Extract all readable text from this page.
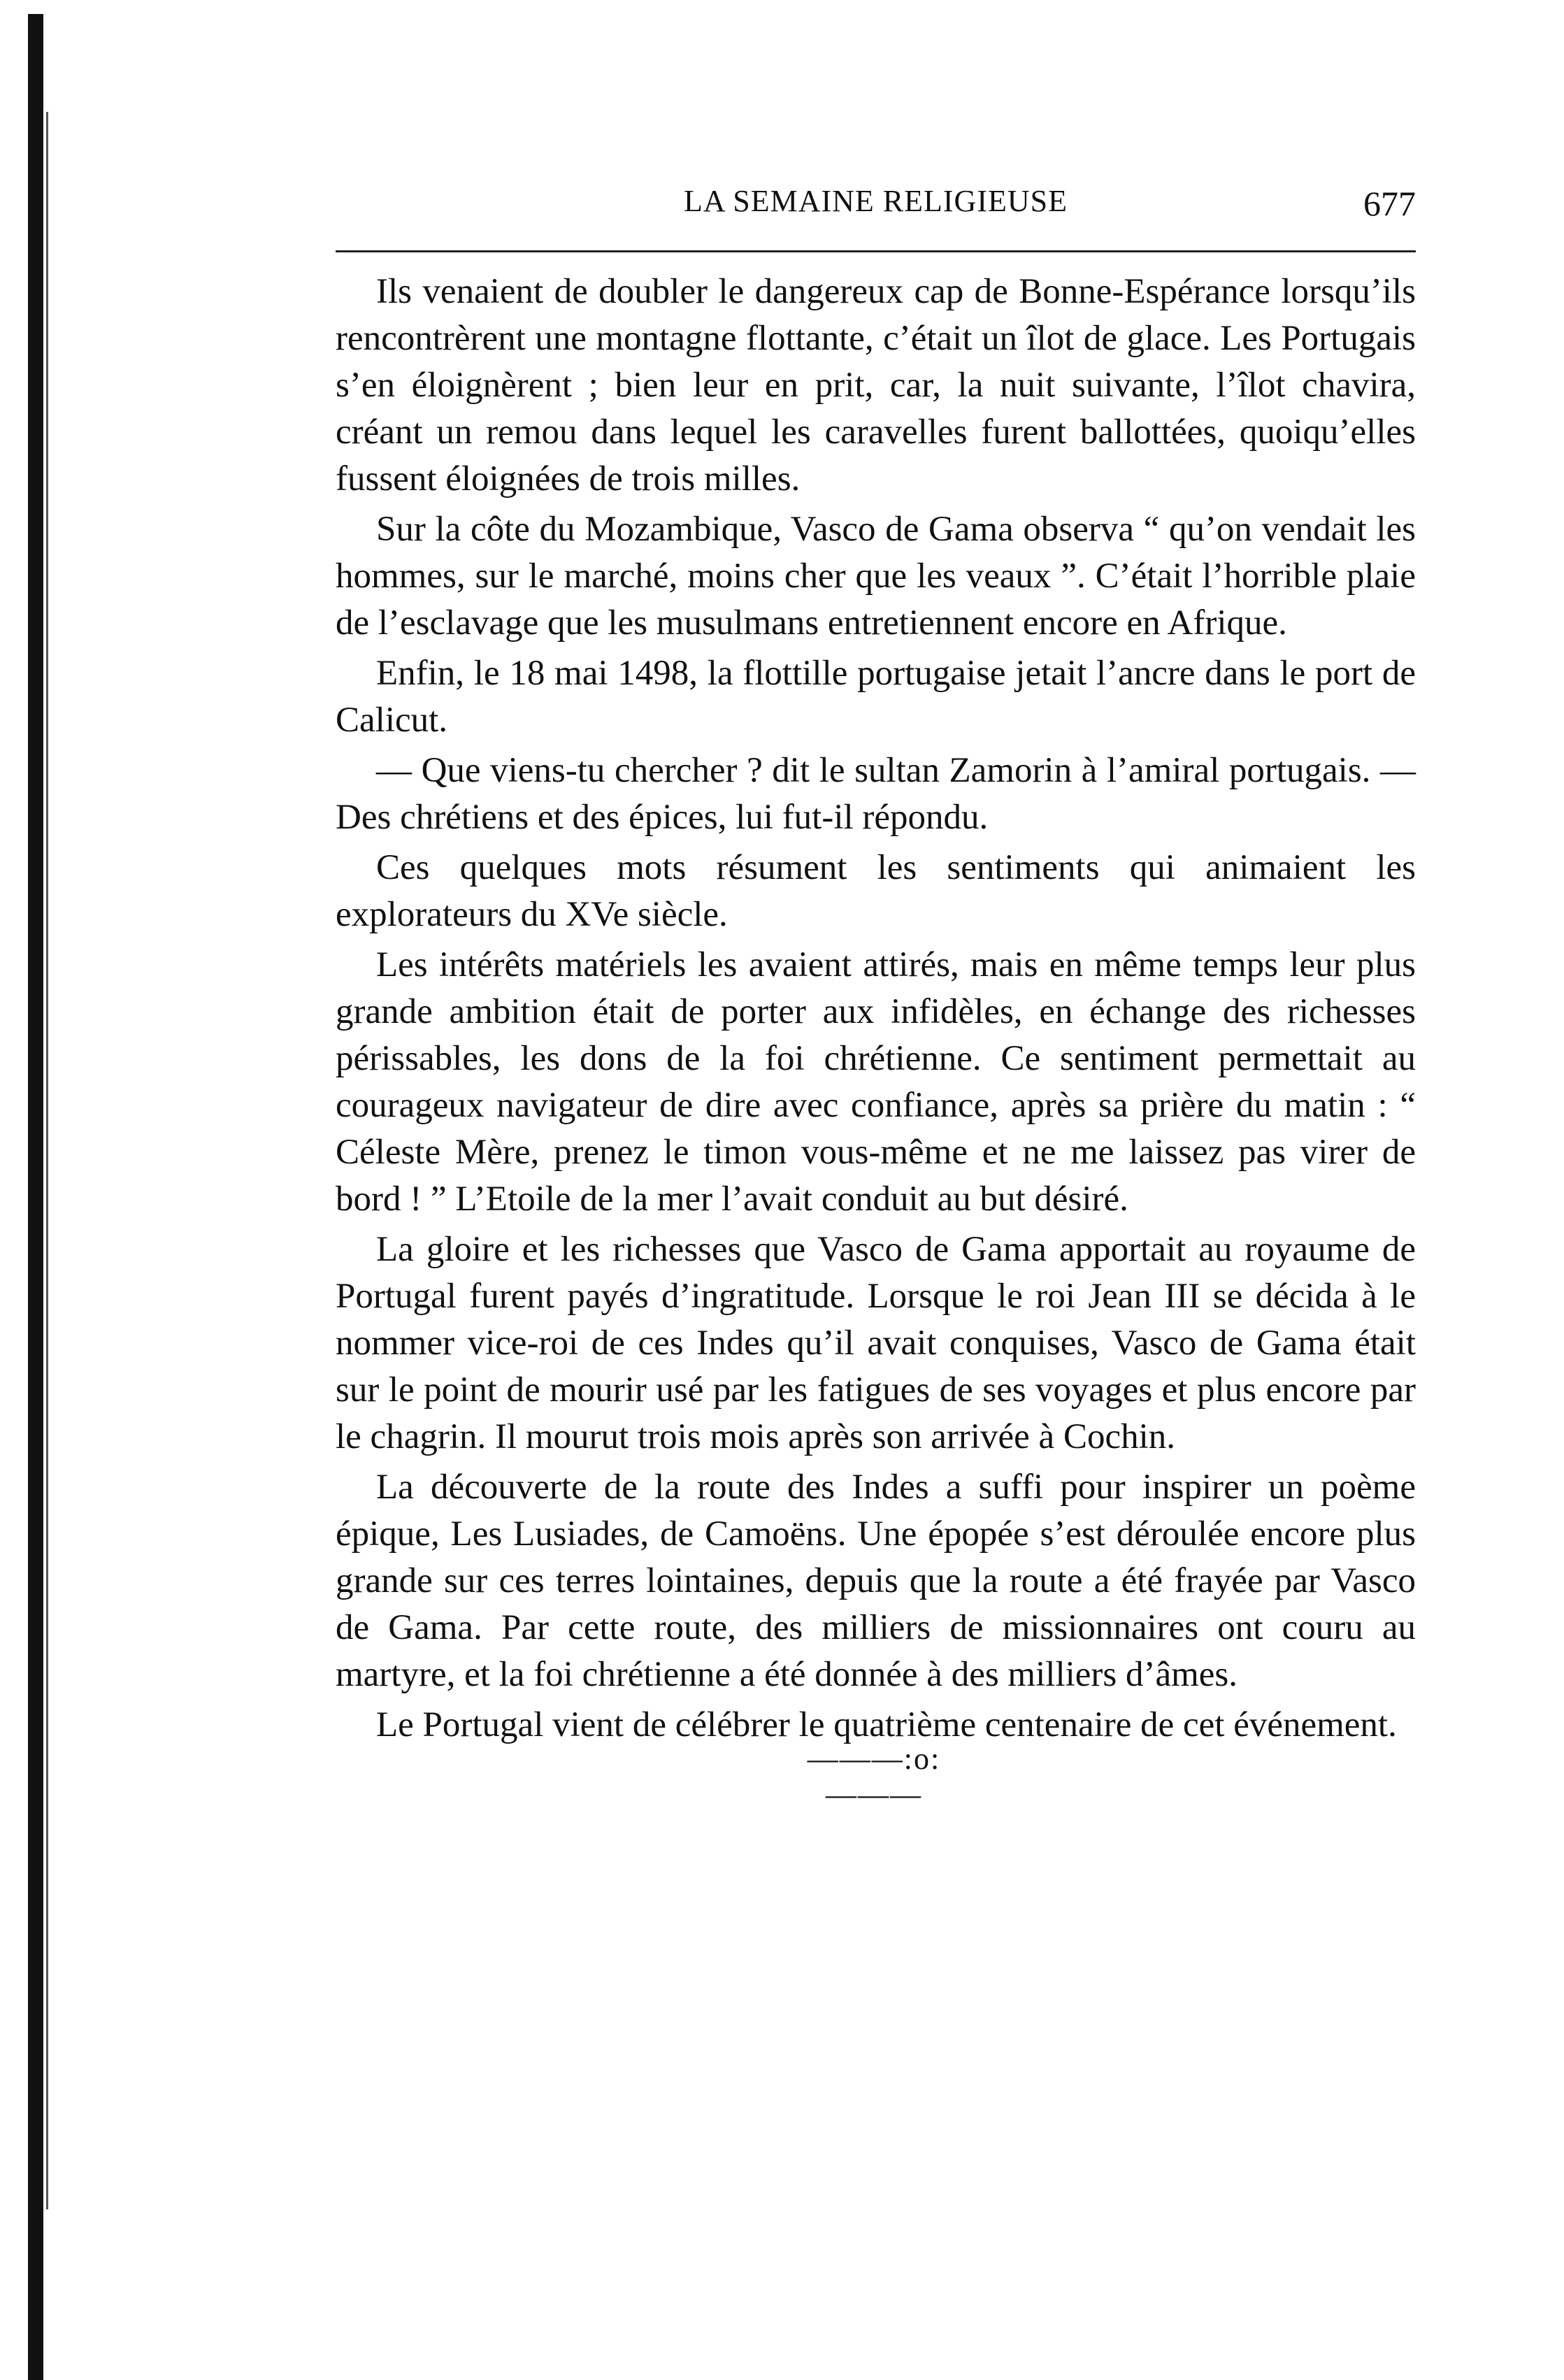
LA SEMAINE RELIGIEUSE	677

Ils venaient de doubler le dangereux cap de Bonne-Espérance lorsqu’ils rencontrèrent une montagne flottante, c’était un îlot de glace. Les Portugais s’en éloignèrent ; bien leur en prit, car, la nuit suivante, l’îlot chavira, créant un remou dans lequel les caravelles furent ballottées, quoiqu’elles fussent éloignées de trois milles.

Sur la côte du Mozambique, Vasco de Gama observa “ qu’on vendait les hommes, sur le marché, moins cher que les veaux ”. C’était l’horrible plaie de l’esclavage que les musulmans entretiennent encore en Afrique.

Enfin, le 18 mai 1498, la flottille portugaise jetait l’ancre dans le port de Calicut.

— Que viens-tu chercher ? dit le sultan Zamorin à l’amiral portugais. — Des chrétiens et des épices, lui fut-il répondu.

Ces quelques mots résument les sentiments qui animaient les explorateurs du XVe siècle.

Les intérêts matériels les avaient attirés, mais en même temps leur plus grande ambition était de porter aux infidèles, en échange des richesses périssables, les dons de la foi chrétienne. Ce sentiment permettait au courageux navigateur de dire avec confiance, après sa prière du matin : “ Céleste Mère, prenez le timon vous-même et ne me laissez pas virer de bord ! ” L’Etoile de la mer l’avait conduit au but désiré.

La gloire et les richesses que Vasco de Gama apportait au royaume de Portugal furent payés d’ingratitude. Lorsque le roi Jean III se décida à le nommer vice-roi de ces Indes qu’il avait conquises, Vasco de Gama était sur le point de mourir usé par les fatigues de ses voyages et plus encore par le chagrin. Il mourut trois mois après son arrivée à Cochin.

La découverte de la route des Indes a suffi pour inspirer un poème épique, Les Lusiades, de Camoëns. Une épopée s’est déroulée encore plus grande sur ces terres lointaines, depuis que la route a été frayée par Vasco de Gama. Par cette route, des milliers de missionnaires ont couru au martyre, et la foi chrétienne a été donnée à des milliers d’âmes.

Le Portugal vient de célébrer le quatrième centenaire de cet événement.

———:o:———
